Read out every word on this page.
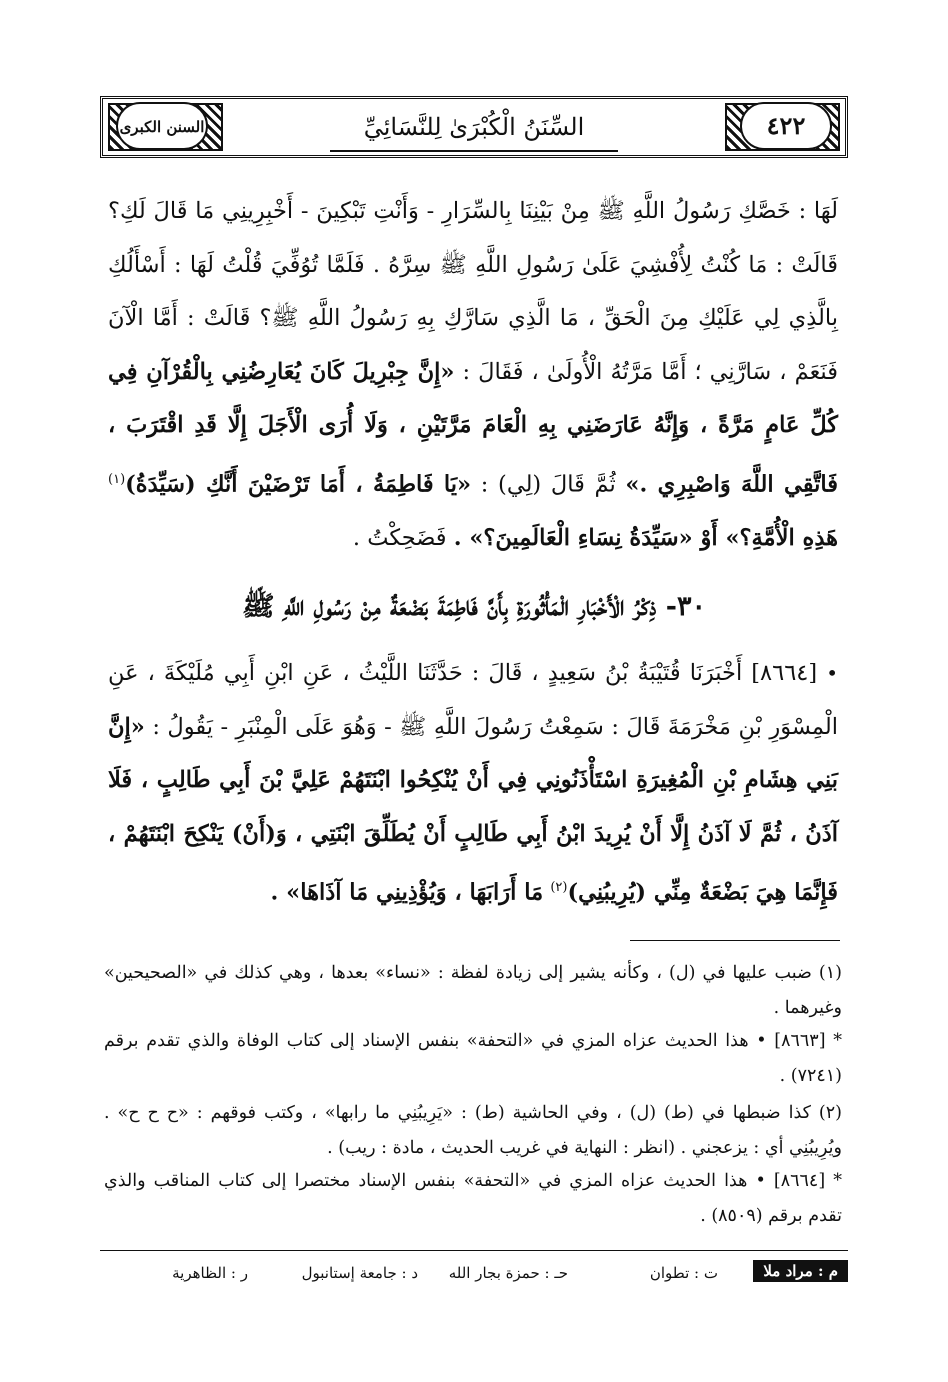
السنن الكبرى	٤٢٢
السِّنَنُ الْكُبْرَىٰ لِلنَّسَائِيِّ
لَهَا : خَصَّكِ رَسُولُ اللَّهِ ﷺ مِنْ بَيْنِنَا بِالسِّرَارِ - وَأَنْتِ تَبْكِينَ - أَخْبِرِينِي مَا قَالَ لَكِ؟ قَالَتْ : مَا كُنْتُ لِأُفْشِيَ عَلَىٰ رَسُولِ اللَّهِ ﷺ سِرَّهُ . فَلَمَّا تُوُفِّيَ قُلْتُ لَهَا : أَسْأَلُكِ بِالَّذِي لِي عَلَيْكِ مِنَ الْحَقِّ ، مَا الَّذِي سَارَّكِ بِهِ رَسُولُ اللَّهِ ﷺ؟ قَالَتْ : أَمَّا الْآنَ فَنَعَمْ ، سَارَّنِي ؛ أَمَّا مَرَّتُهُ الْأُولَىٰ ، فَقَالَ : «إِنَّ جِبْرِيلَ كَانَ يُعَارِضُنِي بِالْقُرْآنِ فِي كُلِّ عَامٍ مَرَّةً ، وَإِنَّهُ عَارَضَنِي بِهِ الْعَامَ مَرَّتَيْنِ ، وَلَا أُرَى الْأَجَلَ إِلَّا قَدِ اقْتَرَبَ ، فَاتَّقِي اللَّهَ وَاصْبِرِي .» ثُمَّ قَالَ (لِي) : «يَا فَاطِمَةُ ، أَمَا تَرْضَيْنَ أَنَّكِ (سَيِّدَةُ)$^{(١)}$ هَذِهِ الْأُمَّةِ؟» أَوْ «سَيِّدَةُ نِسَاءِ الْعَالَمِينَ؟» . فَضَحِكْتُ .
٣٠- ذِكْرُ الْأَخْبَارِ الْمَأْثُورَةِ بِأَنَّ فَاطِمَةَ بَضْعَةٌ مِنْ رَسُولِ اللَّهِ ﷺ
• [٨٦٦٤] أَخْبَرَنَا قُتَيْبَةُ بْنُ سَعِيدٍ ، قَالَ : حَدَّثَنَا اللَّيْثُ ، عَنِ ابْنِ أَبِي مُلَيْكَةَ ، عَنِ الْمِسْوَرِ بْنِ مَخْرَمَةَ قَالَ : سَمِعْتُ رَسُولَ اللَّهِ ﷺ - وَهُوَ عَلَى الْمِنْبَرِ - يَقُولُ : «إِنَّ بَنِي هِشَامِ بْنِ الْمُغِيرَةِ اسْتَأْذَنُونِي فِي أَنْ يُنْكِحُوا ابْنَتَهُمْ عَلِيَّ بْنَ أَبِي طَالِبٍ ، فَلَا آذَنُ ، ثُمَّ لَا آذَنُ إِلَّا أَنْ يُرِيدَ ابْنُ أَبِي طَالِبٍ أَنْ يُطَلِّقَ ابْنَتِي ، وَ(أَنْ) يَنْكِحَ ابْنَتَهُمْ ، فَإِنَّمَا هِيَ بَضْعَةٌ مِنِّي (يُرِيبُنِي)$^{(٢)}$ مَا أَرَابَهَا ، وَيُؤْذِينِي مَا آذَاهَا» .
(١) ضبب عليها في (ل) ، وكأنه يشير إلى زيادة لفظة : «نساء» بعدها ، وهي كذلك في «الصحيحين» وغيرهما .
* [٨٦٦٣] • هذا الحديث عزاه المزي في «التحفة» بنفس الإسناد إلى كتاب الوفاة والذي تقدم برقم (٧٢٤١) .
(٢) كذا ضبطها في (ط) (ل) ، وفي الحاشية (ط) : «يَرِيبُنِي ما رابها» ، وكتب فوقهم : «ح ح ح» . ويُرِيبُنِي أي : يزعجني . (انظر : النهاية في غريب الحديث ، مادة : ريب) .
* [٨٦٦٤] • هذا الحديث عزاه المزي في «التحفة» بنفس الإسناد مختصرا إلى كتاب المناقب والذي تقدم برقم (٨٥٠٩) .
م : مراد ملا
ت : تطوان
حـ : حمزة بجار الله
د : جامعة إستانبول
ر : الظاهرية
